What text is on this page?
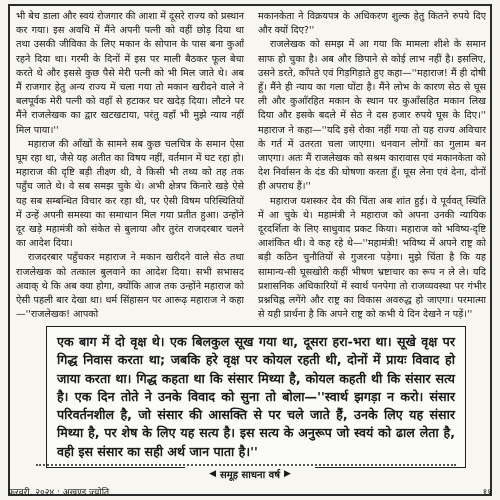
भी बेच डाला और स्वयं रोजगार की आशा में दूसरे राज्य को प्रस्थान कर गया। इस अवधि में मैंने अपनी पत्नी को वहीं छोड़ दिया था तथा उसकी जीविका के लिए मकान के सोपान के पास बना कुआँ रहने दिया था। गरमी के दिनों में इस पर माली बैठकर फूल बेचा करते थे और इससे कुछ पैसे मेरी पत्नी को भी मिल जाते थे। अब मैं राजगार हेतु अन्य राज्य में चला गया तो मकान खरीदने वाले ने बलपूर्वक मेरी पत्नी को वहाँ से हटाकर घर खदेड़ दिया। लौटने पर मैंने राजलेखक का द्वार खटखटाया, परंतु वहाँ भी मुझे न्याय नहीं मिल पाया।''

महाराज की आँखों के सामने सब कुछ चलचित्र के समान ऐसा घूम रहा था, जैसे यह अतीत का विषय नहीं, वर्तमान में घट रहा हो। महाराज की दृष्टि बड़ी तीक्ष्ण थी, वे किसी भी तथ्य को तह तक पहुँच जाते थे। वे सब समझ चुके थे। अभी क्षेत्रप किनारे खड़े ऐसे यह सब सम्बन्धित विचार कर रहा थी, पर ऐसी विषम परिस्थितियों में उन्हें अपनी समस्या का समाधान मिल गया प्रतीत हुआ। उन्होंने दूर खड़े महामंत्री को संकेत से बुलाया और तुरंत राजदरबार चलने का आदेश दिया।

राजदरबार पहुँचकर महाराज ने मकान खरीदने वाले सेठ तथा राजलेखक को तत्काल बुलवाने का आदेश दिया। सभी सभासद अवाक् थे कि अब क्या होगा, क्योंकि आज तक उन्होंने महाराज को ऐसी पहली बार देखा था। धर्म सिंहासन पर आरूढ़ महाराज ने कहा—''राजलेखक! आपको

मकानकेता ने विक्रयपत्र के अधिकरण शुल्क हेतु कितने रुपये दिए और क्यों दिए?''

राजलेखक को समझ में आ गया कि मामला शीशे के समान साफ हो चुका है। अब और छिपाने से कोई लाभ नहीं है। इसलिए, उसने डरते, काँपते एवं गिड़गिड़ाते हुए कहा—''महाराज! मैं ही दोषी हूँ। मैंने ही न्याय का गला घोंटा है। मैंने लोभ के कारण सेठ से घूस ली और कुआँरहित मकान के स्थान पर कुआँसहित मकान लिख दिया और इसके बदले में सेठ ने दस हजार रुपये घूस के दिए।'' महाराज ने कहा—''यदि इसे रोका नहीं गया तो यह राज्य अविचार के गर्त में उतरता चला जाएगा। धनवान लोगों का गुलाम बन जाएगा। अतः मैं राजलेखक को सश्रम कारावास एवं मकानकेता को देश निर्वासन के दंड की घोषणा करता हूँ। घूस लेना एवं देना, दोनों ही अपराध हैं।''

महाराज यशस्कर देव की चिंता अब शांत हुई। वे पूर्ववत् स्थिति में आ चुके थे। महामंत्री ने महाराज को अपना उनकी न्यायिक दूरदर्शिता के लिए साधुवाद प्रकट किया। महाराज को भविष्य-दृष्टि आशंकित थी। वे कह रहे थे—''महामंत्री! भविष्य में अपने राष्ट्र को बड़ी कठिन चुनौतियों से गुजरना पड़ेगा। मुझे चिंता है कि यह सामान्य-सी घूसखोरी कहीं भीषण भ्रष्टाचार का रूप न ले ले। यदि प्रशासनिक अधिकारियों में स्वार्थ पनपेगा तो राजव्यवस्था पर गंभीर प्रश्नचिह्न लगेंगे और राष्ट्र का विकास अवरुद्ध हो जाएगा। परमात्मा से यही प्रार्थना है कि अपने राष्ट्र को कभी ये दिन देखने न पड़ें।''

एक बाग में दो वृक्ष थे। एक बिलकुल सूख गया था, दूसरा हरा-भरा था। सूखे वृक्ष पर गिद्ध निवास करता था; जबकि हरे वृक्ष पर कोयल रहती थी, दोनों में प्रायः विवाद हो जाया करता था। गिद्ध कहता था कि संसार मिथ्या है, कोयल कहती थी कि संसार सत्य है। एक दिन तोते ने उनके विवाद को सुना तो बोला—''स्वार्थ झगड़ा न करो। संसार परिवर्तनशील है, जो संसार की आसक्ति से पर चले जाते हैं, उनके लिए यह संसार मिथ्या है, पर शेष के लिए यह सत्य है। इस सत्य के अनुरूप जो स्वयं को ढाल लेता है, वही इस संसार का सही अर्थ जान पाता है।''
◀ समूह साधना वर्ष ▶
फरवरी, २०२४ : अखण्ड ज्योति	११
